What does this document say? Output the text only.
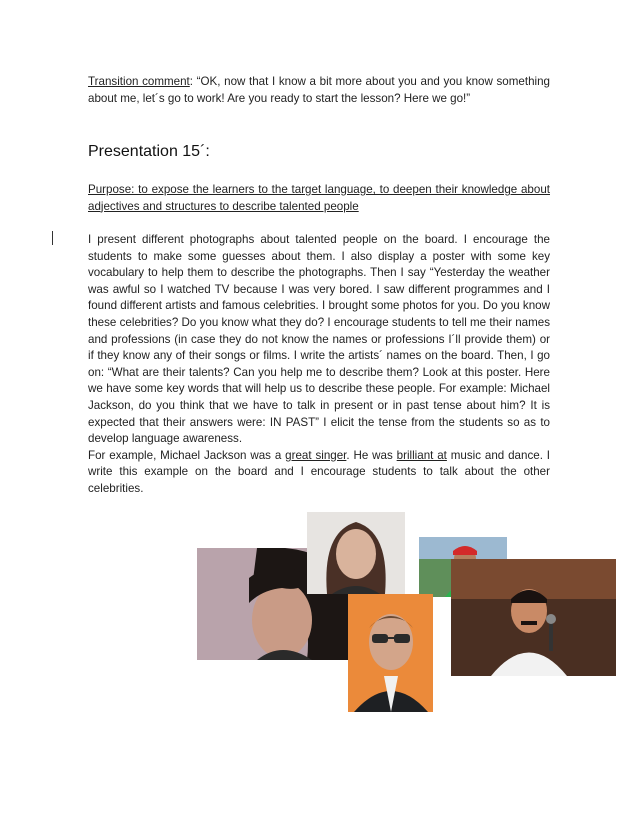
Transition comment: “OK, now that I know a bit more about you and you know something about me, let´s go to work! Are you ready to start the lesson? Here we go!”

Presentation 15´:

Purpose: to expose the learners to the target language, to deepen their knowledge about adjectives and structures to describe talented people

I present different photographs about talented people on the board. I encourage the students to make some guesses about them. I also display a poster with some key vocabulary to help them to describe the photographs. Then I say “Yesterday the weather was awful so I watched TV because I was very bored. I saw different programmes and I found different artists and famous celebrities. I brought some photos for you. Do you know these celebrities? Do you know what they do? I encourage students to tell me their names and professions (in case they do not know the names or professions I´ll provide them) or if they know any of their songs or films. I write the artists´ names on the board. Then, I go on: “What are their talents? Can you help me to describe them? Look at this poster. Here we have some key words that will help us to describe these people. For example: Michael Jackson, do you think that we have to talk in present or in past tense about him? It is expected that their answers were: IN PAST” I elicit the tense from the students so as to develop language awareness.
For example, Michael Jackson was a great singer. He was brilliant at music and dance. I write this example on the board and I encourage students to talk about the other celebrities.
